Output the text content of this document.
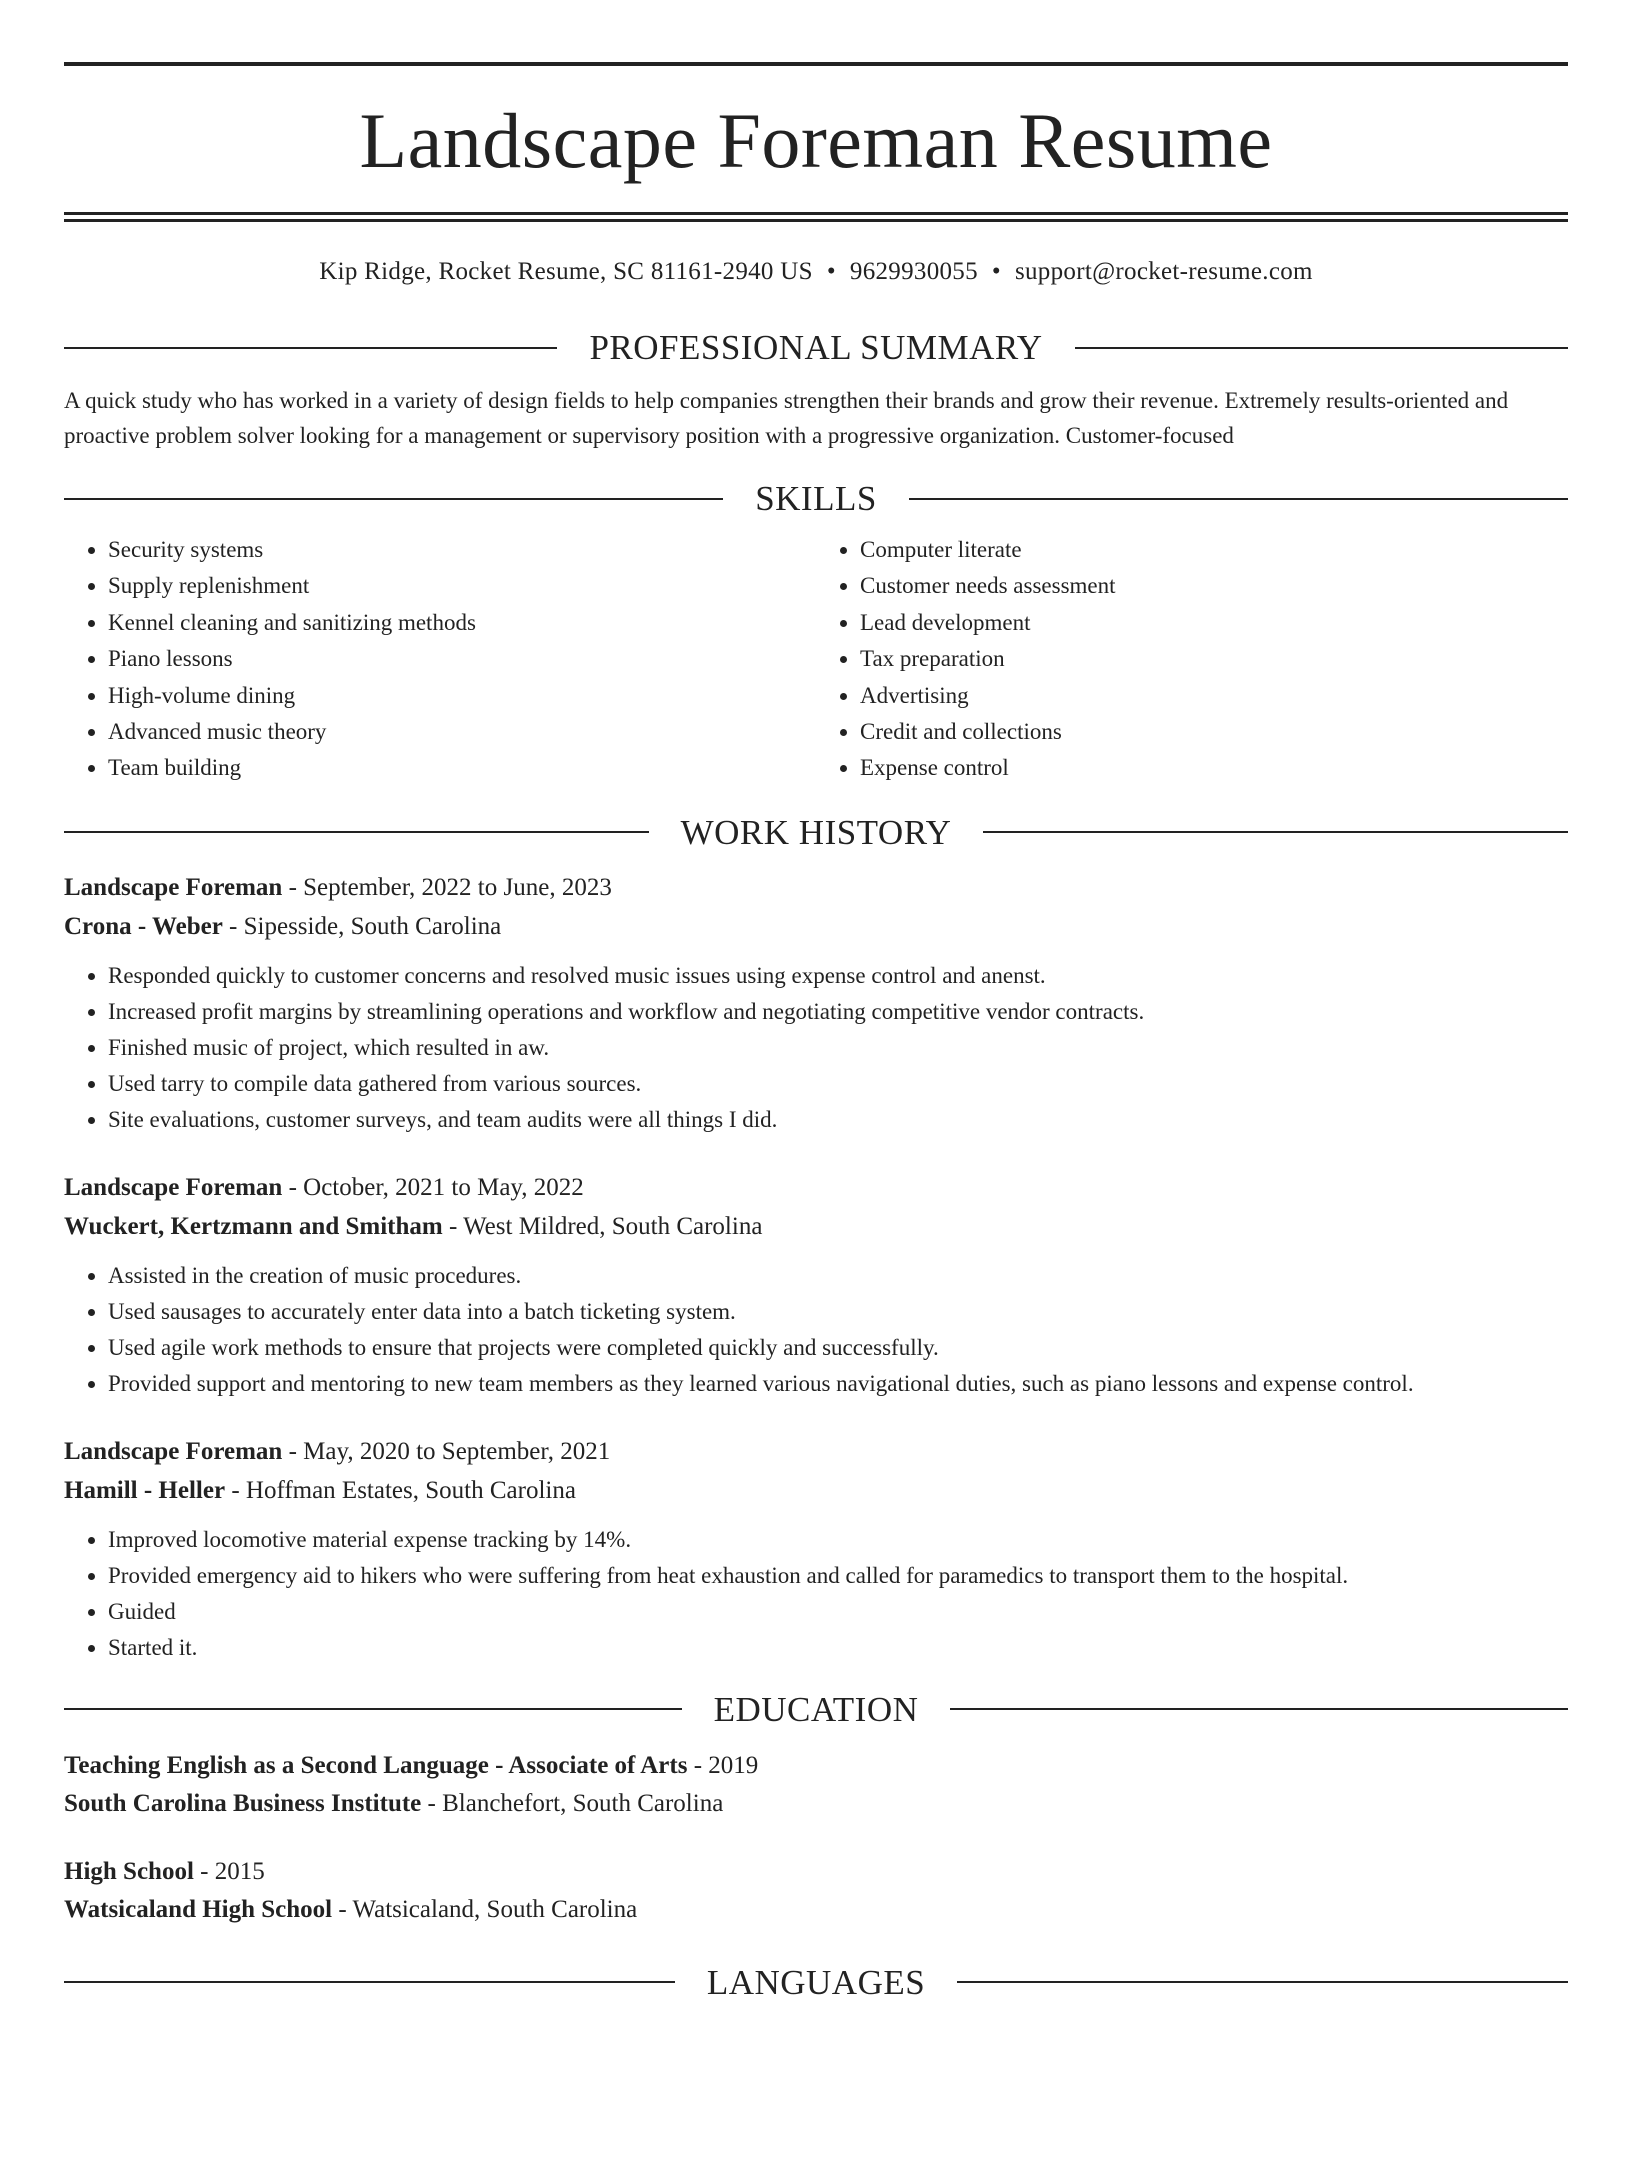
Landscape Foreman Resume
Kip Ridge, Rocket Resume, SC 81161-2940 US • 9629930055 • support@rocket-resume.com
PROFESSIONAL SUMMARY
A quick study who has worked in a variety of design fields to help companies strengthen their brands and grow their revenue. Extremely results-oriented and proactive problem solver looking for a management or supervisory position with a progressive organization. Customer-focused
SKILLS
• Security systems
• Supply replenishment
• Kennel cleaning and sanitizing methods
• Piano lessons
• High-volume dining
• Advanced music theory
• Team building
• Computer literate
• Customer needs assessment
• Lead development
• Tax preparation
• Advertising
• Credit and collections
• Expense control
WORK HISTORY
Landscape Foreman - September, 2022 to June, 2023
Crona - Weber - Sipesside, South Carolina
• Responded quickly to customer concerns and resolved music issues using expense control and anenst.
• Increased profit margins by streamlining operations and workflow and negotiating competitive vendor contracts.
• Finished music of project, which resulted in aw.
• Used tarry to compile data gathered from various sources.
• Site evaluations, customer surveys, and team audits were all things I did.
Landscape Foreman - October, 2021 to May, 2022
Wuckert, Kertzmann and Smitham - West Mildred, South Carolina
• Assisted in the creation of music procedures.
• Used sausages to accurately enter data into a batch ticketing system.
• Used agile work methods to ensure that projects were completed quickly and successfully.
• Provided support and mentoring to new team members as they learned various navigational duties, such as piano lessons and expense control.
Landscape Foreman - May, 2020 to September, 2021
Hamill - Heller - Hoffman Estates, South Carolina
• Improved locomotive material expense tracking by 14%.
• Provided emergency aid to hikers who were suffering from heat exhaustion and called for paramedics to transport them to the hospital.
• Guided
• Started it.
EDUCATION
Teaching English as a Second Language - Associate of Arts - 2019
South Carolina Business Institute - Blanchefort, South Carolina
High School - 2015
Watsicaland High School - Watsicaland, South Carolina
LANGUAGES
